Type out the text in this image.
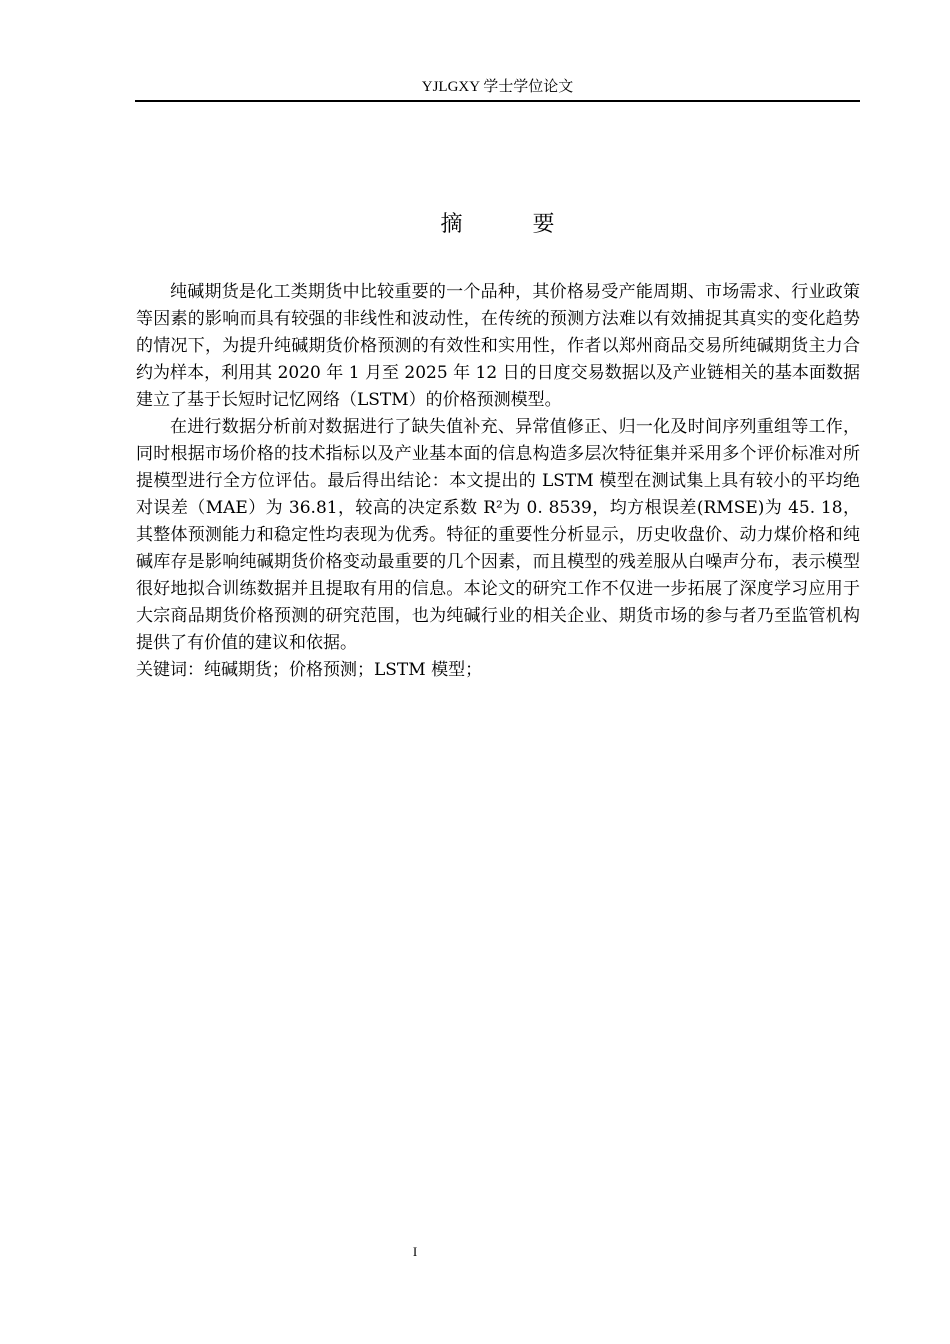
YJLGXY 学士学位论文
摘　要

纯碱期货是化工类期货中比较重要的一个品种，其价格易受产能周期、市场需求、行业政策等因素的影响而具有较强的非线性和波动性，在传统的预测方法难以有效捕捉其真实的变化趋势的情况下，为提升纯碱期货价格预测的有效性和实用性，作者以郑州商品交易所纯碱期货主力合约为样本，利用其 2020 年 1 月至 2025 年 12 日的日度交易数据以及产业链相关的基本面数据建立了基于长短时记忆网络（LSTM）的价格预测模型。

在进行数据分析前对数据进行了缺失值补充、异常值修正、归一化及时间序列重组等工作，同时根据市场价格的技术指标以及产业基本面的信息构造多层次特征集并采用多个评价标准对所提模型进行全方位评估。最后得出结论：本文提出的 LSTM 模型在测试集上具有较小的平均绝对误差（MAE）为 36.81，较高的决定系数 R²为 0. 8539，均方根误差(RMSE)为 45. 18，其整体预测能力和稳定性均表现为优秀。特征的重要性分析显示，历史收盘价、动力煤价格和纯碱库存是影响纯碱期货价格变动最重要的几个因素，而且模型的残差服从白噪声分布，表示模型很好地拟合训练数据并且提取有用的信息。本论文的研究工作不仅进一步拓展了深度学习应用于大宗商品期货价格预测的研究范围，也为纯碱行业的相关企业、期货市场的参与者乃至监管机构提供了有价值的建议和依据。

关键词：纯碱期货；价格预测；LSTM 模型；

I
